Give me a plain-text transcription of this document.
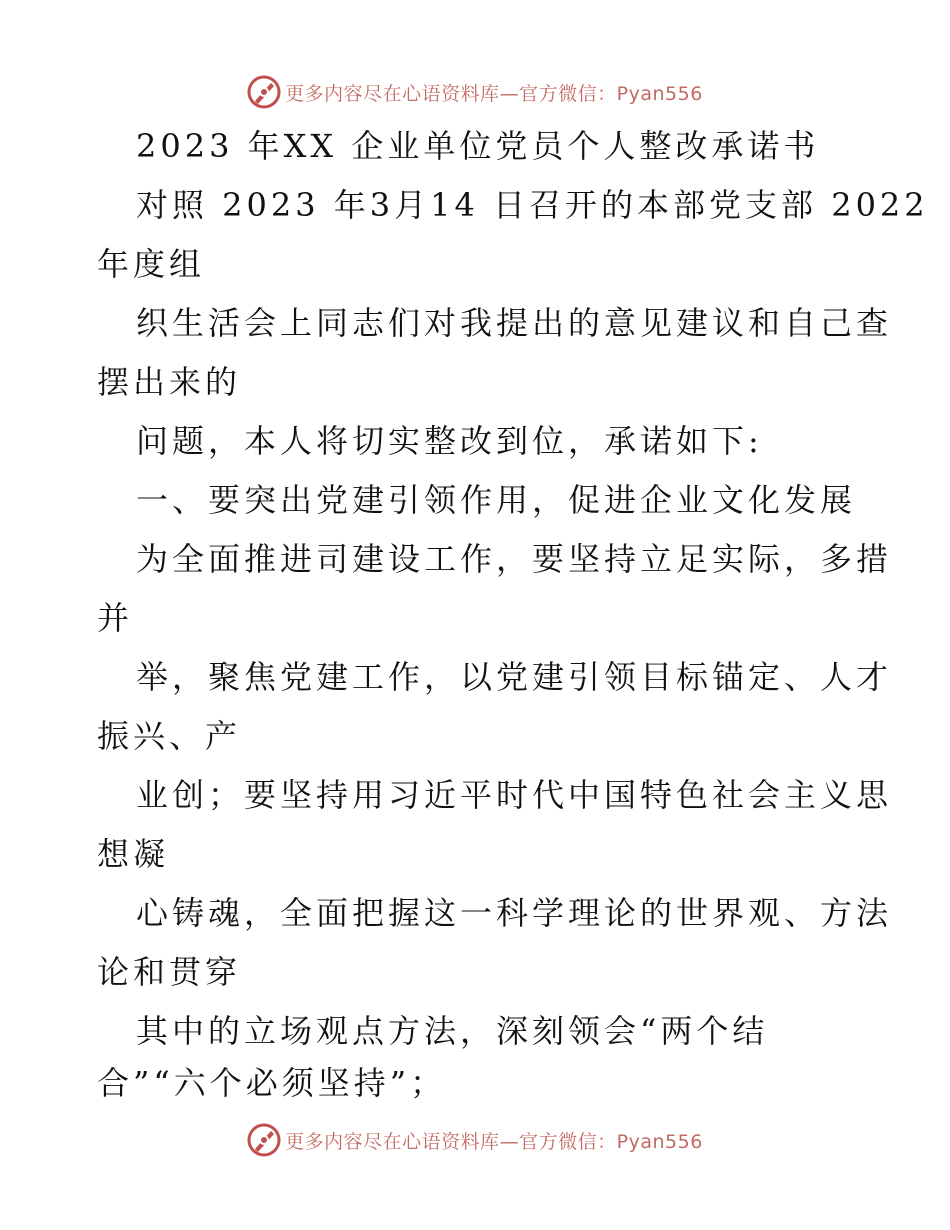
更多内容尽在心语资料库—官方微信：Pyan556
2023 年XX 企业单位党员个人整改承诺书
对照 2023 年3月14 日召开的本部党支部 2022
年度组
织生活会上同志们对我提出的意见建议和自己查
摆出来的
问题，本人将切实整改到位，承诺如下:
一、要突出党建引领作用，促进企业文化发展
为全面推进司建设工作，要坚持立足实际，多措
并
举，聚焦党建工作，以党建引领目标锚定、人才
振兴、产
业创；要坚持用习近平时代中国特色社会主义思
想凝
心铸魂，全面把握这一科学理论的世界观、方法
论和贯穿
其中的立场观点方法，深刻领会“两个结
合”“六个必须坚持”；
更多内容尽在心语资料库—官方微信：Pyan556
